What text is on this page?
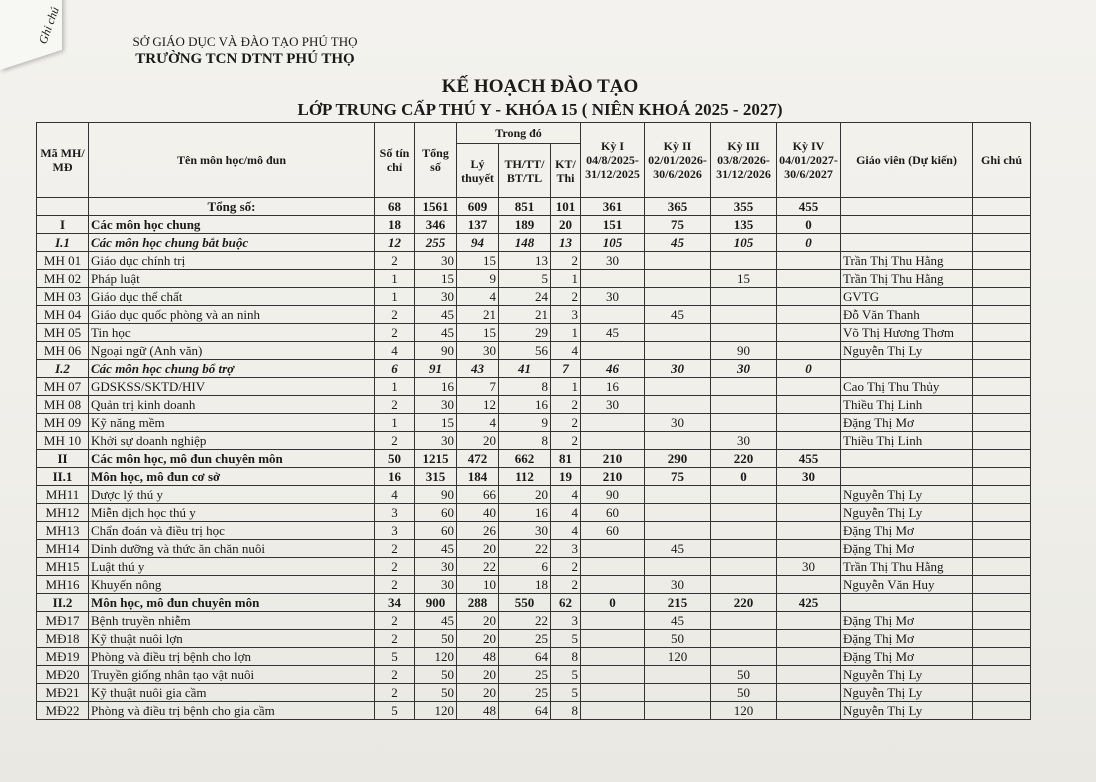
Ghi chú	SỞ GIÁO DỤC VÀ ĐÀO TẠO PHÚ THỌ
TRƯỜNG TCN DTNT PHÚ THỌ
KẾ HOẠCH ĐÀO TẠO
LỚP TRUNG CẤP THÚ Y - KHÓA 15 ( NIÊN KHOÁ 2025 - 2027)
Mã MH/ MĐ	Tên môn học/mô đun	Số tín chỉ	Tổng số	Trong đó			Kỳ I 04/8/2025- 31/12/2025	Kỳ II 02/01/2026- 30/6/2026	Kỳ III 03/8/2026- 31/12/2026	Kỳ IV 04/01/2027- 30/6/2027	Giáo viên (Dự kiến)	Ghi chú
				Lý thuyết	TH/TT/ BT/TL	KT/ Thi						
	Tổng số:	68	1561	609	851	101	361	365	355	455		
I	Các môn học chung	18	346	137	189	20	151	75	135	0		
I.1	Các môn học chung bắt buộc	12	255	94	148	13	105	45	105	0		
MH 01	Giáo dục chính trị	2	30	15	13	2	30				Trần Thị Thu Hằng	
MH 02	Pháp luật	1	15	9	5	1			15		Trần Thị Thu Hằng	
MH 03	Giáo dục thể chất	1	30	4	24	2	30				GVTG	
MH 04	Giáo dục quốc phòng và an ninh	2	45	21	21	3		45			Đỗ Văn Thanh	
MH 05	Tin học	2	45	15	29	1	45				Võ Thị Hương Thơm	
MH 06	Ngoại ngữ (Anh văn)	4	90	30	56	4			90		Nguyễn Thị Ly	
I.2	Các môn học chung bổ trợ	6	91	43	41	7	46	30	30	0		
MH 07	GDSKSS/SKTD/HIV	1	16	7	8	1	16				Cao Thị Thu Thủy	
MH 08	Quản trị kinh doanh	2	30	12	16	2	30				Thiều Thị Linh	
MH 09	Kỹ năng mềm	1	15	4	9	2		30			Đặng Thị Mơ	
MH 10	Khởi sự doanh nghiệp	2	30	20	8	2			30		Thiều Thị Linh	
II	Các môn học, mô đun chuyên môn	50	1215	472	662	81	210	290	220	455		
II.1	Môn học, mô đun cơ sở	16	315	184	112	19	210	75	0	30		
MH11	Dược lý thú y	4	90	66	20	4	90				Nguyễn Thị Ly	
MH12	Miễn dịch học thú y	3	60	40	16	4	60				Nguyễn Thị Ly	
MH13	Chẩn đoán và điều trị học	3	60	26	30	4	60				Đặng Thị Mơ	
MH14	Dinh dưỡng và thức ăn chăn nuôi	2	45	20	22	3		45			Đặng Thị Mơ	
MH15	Luật thú y	2	30	22	6	2				30	Trần Thị Thu Hằng	
MH16	Khuyến nông	2	30	10	18	2		30			Nguyễn Văn Huy	
II.2	Môn học, mô đun chuyên môn	34	900	288	550	62	0	215	220	425		
MĐ17	Bệnh truyền nhiễm	2	45	20	22	3		45			Đặng Thị Mơ	
MĐ18	Kỹ thuật nuôi lợn	2	50	20	25	5		50			Đặng Thị Mơ	
MĐ19	Phòng và điều trị bệnh cho lợn	5	120	48	64	8		120			Đặng Thị Mơ	
MĐ20	Truyền giống nhân tạo vật nuôi	2	50	20	25	5			50		Nguyễn Thị Ly	
MĐ21	Kỹ thuật nuôi gia cầm	2	50	20	25	5			50		Nguyễn Thị Ly	
MĐ22	Phòng và điều trị bệnh cho gia cầm	5	120	48	64	8			120		Nguyễn Thị Ly	
